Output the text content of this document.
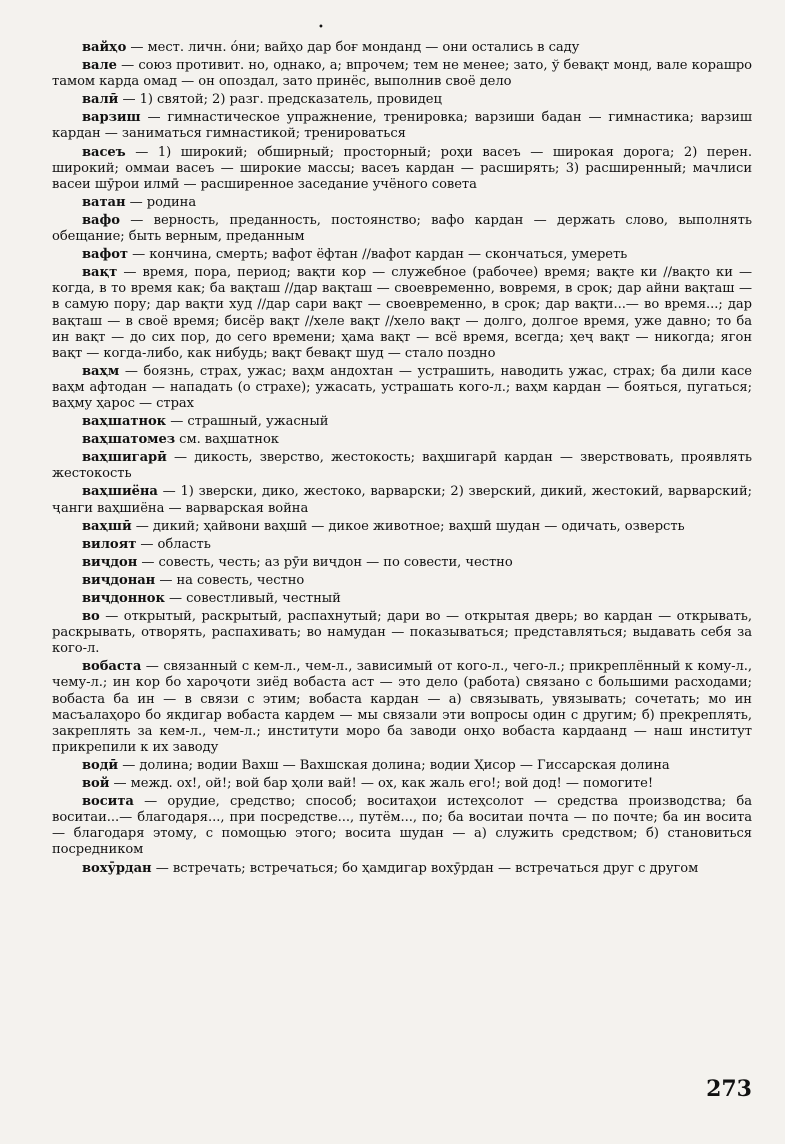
•

вайҳо — мест. личн. óни; вайҳо дар боғ монданд — они остались в саду

вале — союз противит. но, однако, а; впрочем; тем не менее; зато, ў бевақт монд, вале корашро тамом карда омад — он опоздал, зато принёс, выполнив своё дело

валӣ — 1) святой; 2) разг. предсказатель, провидец

варзиш — гимнастическое упражнение, тренировка; варзиши бадан — гимнастика; варзиш кардан — заниматься гимнастикой; тренироваться

васеъ — 1) широкий; обширный; просторный; роҳи васеъ — широкая дорога; 2) перен. широкий; оммаи васеъ — широкие массы; васеъ кардан — расширять; 3) расширенный; мачлиси васеи шӯрои илмӣ — расширенное заседание учёного совета

ватан — родина

вафо — верность, преданность, постоянство; вафо кардан — держать слово, выполнять обещание; быть верным, преданным

вафот — кончина, смерть; вафот ёфтан //вафот кардан — скончаться, умереть

вақт — время, пора, период; вақти кор — служебное (рабочее) время; вақте ки //вақто ки — когда, в то время как; ба вақташ //дар вақташ — своевременно, вовремя, в срок; дар айни вақташ — в самую пору; дар вақти худ //дар сари вақт — своевременно, в срок; дар вақти...— во время...; дар вақташ — в своё время; бисёр вақт //хеле вақт //хело вақт — долго, долгое время, уже давно; то ба ин вақт — до сих пор, до сего времени; ҳама вақт — всё время, всегда; ҳеҷ вақт — никогда; ягон вақт — когда-либо, как нибудь; вақт бевақт шуд — стало поздно

ваҳм — боязнь, страх, ужас; ваҳм андохтан — устрашить, наводить ужас, страх; ба дили касе ваҳм афтодан — нападать (о страхе); ужасать, устрашать кого-л.; ваҳм кардан — бояться, пугаться; ваҳму ҳарос — страх

ваҳшатнок — страшный, ужасный

ваҳшатомез см. ваҳшатнок

ваҳшигарӣ — дикость, зверство, жестокость; ваҳшигарӣ кардан — зверствовать, проявлять жестокость

ваҳшиёна — 1) зверски, дико, жестоко, варварски; 2) зверский, дикий, жестокий, варварский; ҷанги ваҳшиёна — варварская война

ваҳшӣ — дикий; ҳайвони ваҳшӣ — дикое животное; ваҳшӣ шудан — одичать, озверсть

вилоят — область

виҷдон — совесть, честь; аз рӯи виҷдон — по совести, честно

виҷдонан — на совесть, честно

виҷдоннок — совестливый, честный

во — открытый, раскрытый, распахнутый; дари во — открытая дверь; во кардан — открывать, раскрывать, отворять, распахивать; во намудан — показываться; представляться; выдавать себя за кого-л.

вобаста — связанный с кем-л., чем-л., зависимый от кого-л., чего-л.; прикреплённый к кому-л., чему-л.; ин кор бо хароҷоти зиёд вобаста аст — это дело (работа) связано с большими расходами; вобаста ба ин — в связи с этим; вобаста кардан — а) связывать, увязывать; сочетать; мо ин масъалаҳоро бо якдигар вобаста кардем — мы связали эти вопросы один с другим; б) прекреплять, закреплять за кем-л., чем-л.; институти моро ба заводи онҳо вобаста кардаанд — наш институт прикрепили к их заводу

водӣ — долина; водии Вахш — Вахшская долина; водии Ҳисор — Гиссарская долина

вой — межд. ох!, ой!; вой бар ҳоли вай! — ох, как жаль его!; вой дод! — помогите!

восита — орудие, средство; способ; воситаҳои истеҳсолот — средства производства; ба воситаи...— благодаря..., при посредстве..., путём..., по; ба воситаи почта — по почте; ба ин восита — благодаря этому, с помощью этого; восита шудан — а) служить средством; б) становиться посредником

вохӯрдан — встречать; встречаться; бо ҳамдигар вохӯрдан — встречаться друг с другом

273
